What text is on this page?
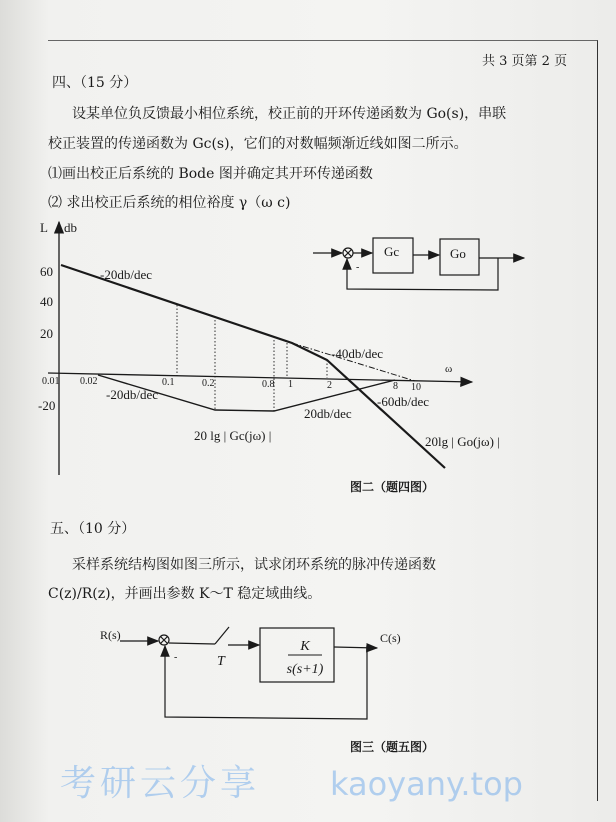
共 3 页第 2 页
四、（15 分）
设某单位负反馈最小相位系统，校正前的开环传递函数为 Go(s)，串联
校正装置的传递函数为 Gc(s)，它们的对数幅频渐近线如图二所示。
⑴画出校正后系统的 Bode 图并确定其开环传递函数
⑵ 求出校正后系统的相位裕度 γ（ω c)
L db
ω
60
40
20
-20
0.01 0.02	0.1	0.2	0.8 1	2	8 10
-20db/dec
-40db/dec
-60db/dec
-20db/dec
20db/dec
20 lg | Gc(jω) |	20lg | Go(jω) |
Gc	Go
-
R(s)	C(s)
T
K
s(s+1)
-
图二（题四图）
五、（10 分）
采样系统结构图如图三所示，试求闭环系统的脉冲传递函数
C(z)/R(z)，并画出参数 K～T 稳定域曲线。
图三（题五图）
考研云分享 kaoyany.top
